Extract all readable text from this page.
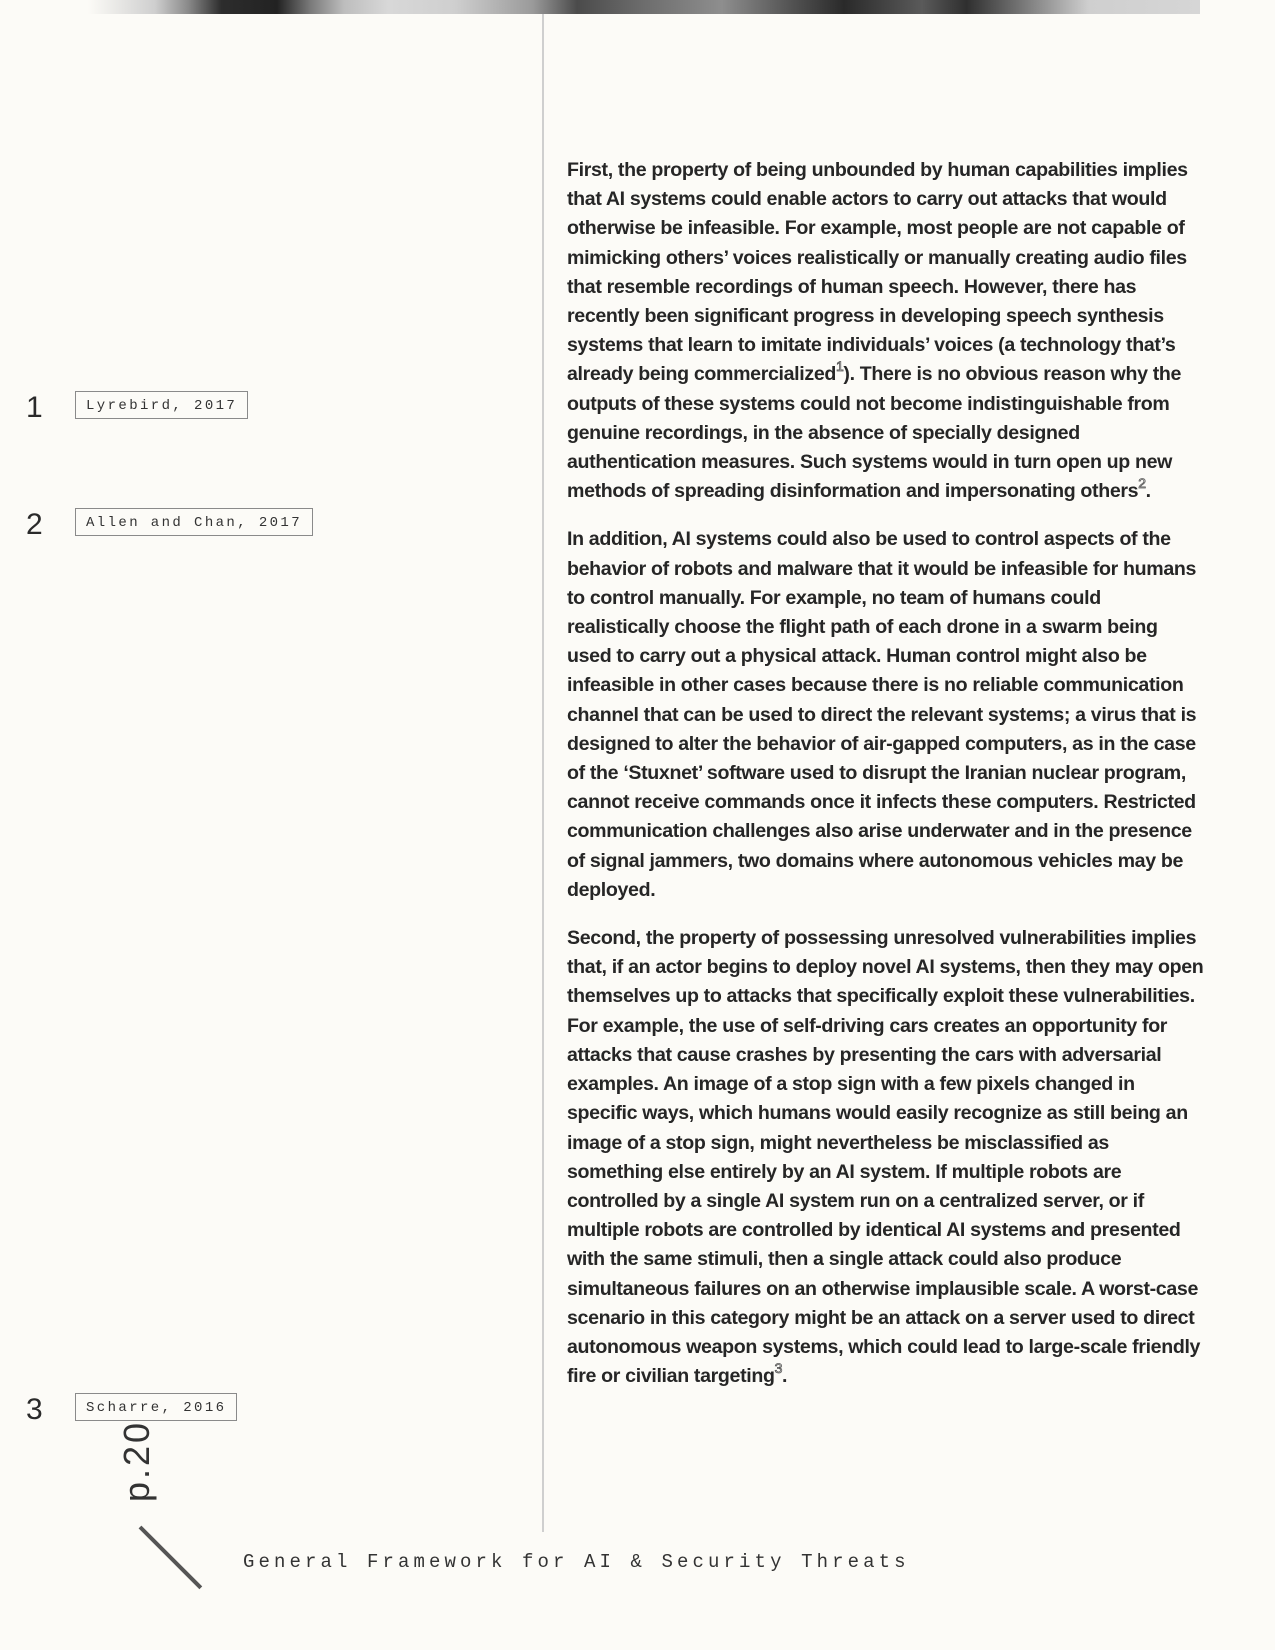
1	Lyrebird, 2017
2	Allen and Chan, 2017
3	Scharre, 2016

First, the property of being unbounded by human capabilities implies that AI systems could enable actors to carry out attacks that would otherwise be infeasible. For example, most people are not capable of mimicking others’ voices realistically or manually creating audio files that resemble recordings of human speech. However, there has recently been significant progress in developing speech synthesis systems that learn to imitate individuals’ voices (a technology that’s already being commercialized$^1$). There is no obvious reason why the outputs of these systems could not become indistinguishable from genuine recordings, in the absence of specially designed authentication measures. Such systems would in turn open up new methods of spreading disinformation and impersonating others$^2$.

In addition, AI systems could also be used to control aspects of the behavior of robots and malware that it would be infeasible for humans to control manually. For example, no team of humans could realistically choose the flight path of each drone in a swarm being used to carry out a physical attack. Human control might also be infeasible in other cases because there is no reliable communication channel that can be used to direct the relevant systems; a virus that is designed to alter the behavior of air-gapped computers, as in the case of the ‘Stuxnet’ software used to disrupt the Iranian nuclear program, cannot receive commands once it infects these computers. Restricted communication challenges also arise underwater and in the presence of signal jammers, two domains where autonomous vehicles may be deployed.

Second, the property of possessing unresolved vulnerabilities implies that, if an actor begins to deploy novel AI systems, then they may open themselves up to attacks that specifically exploit these vulnerabilities. For example, the use of self-driving cars creates an opportunity for attacks that cause crashes by presenting the cars with adversarial examples. An image of a stop sign with a few pixels changed in specific ways, which humans would easily recognize as still being an image of a stop sign, might nevertheless be misclassified as something else entirely by an AI system. If multiple robots are controlled by a single AI system run on a centralized server, or if multiple robots are controlled by identical AI systems and presented with the same stimuli, then a single attack could also produce simultaneous failures on an otherwise implausible scale. A worst-case scenario in this category might be an attack on a server used to direct autonomous weapon systems, which could lead to large-scale friendly fire or civilian targeting$^3$.

p.20
General Framework for AI & Security Threats
